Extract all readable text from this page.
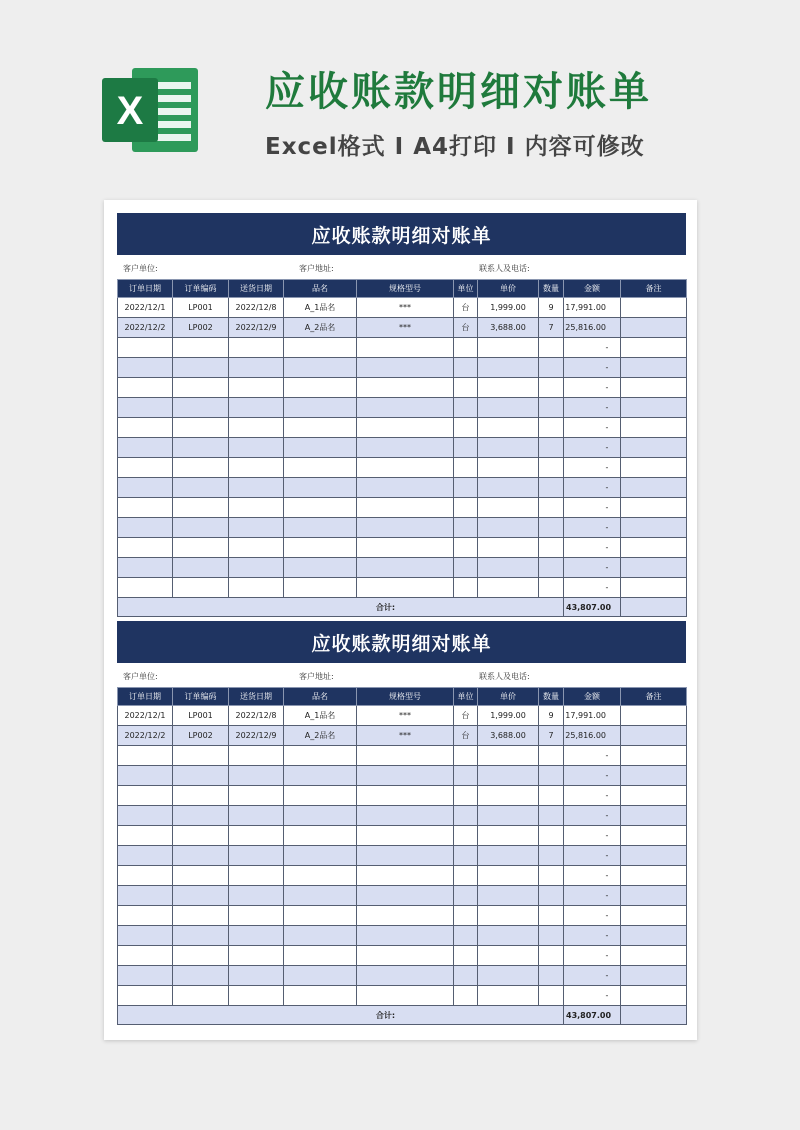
X	应收账款明细对账单
Excel格式 I A4打印 I 内容可修改
应收账款明细对账单
客户单位:	客户地址:	联系人及电话:
订单日期	订单编码	送货日期	品名	规格型号	单位	单价	数量	金额	备注
2022/12/1	LP001	2022/12/8	A_1品名	***	台	1,999.00	9	17,991.00	
2022/12/2	LP002	2022/12/9	A_2品名	***	台	3,688.00	7	25,816.00	
								-	
								-	
								-	
								-	
								-	
								-	
								-	
								-	
								-	
								-	
								-	
								-	
								-	
合计:								43,807.00	
应收账款明细对账单
客户单位:	客户地址:	联系人及电话:
订单日期	订单编码	送货日期	品名	规格型号	单位	单价	数量	金额	备注
2022/12/1	LP001	2022/12/8	A_1品名	***	台	1,999.00	9	17,991.00	
2022/12/2	LP002	2022/12/9	A_2品名	***	台	3,688.00	7	25,816.00	
								-	
								-	
								-	
								-	
								-	
								-	
								-	
								-	
								-	
								-	
								-	
								-	
								-	
合计:								43,807.00	
